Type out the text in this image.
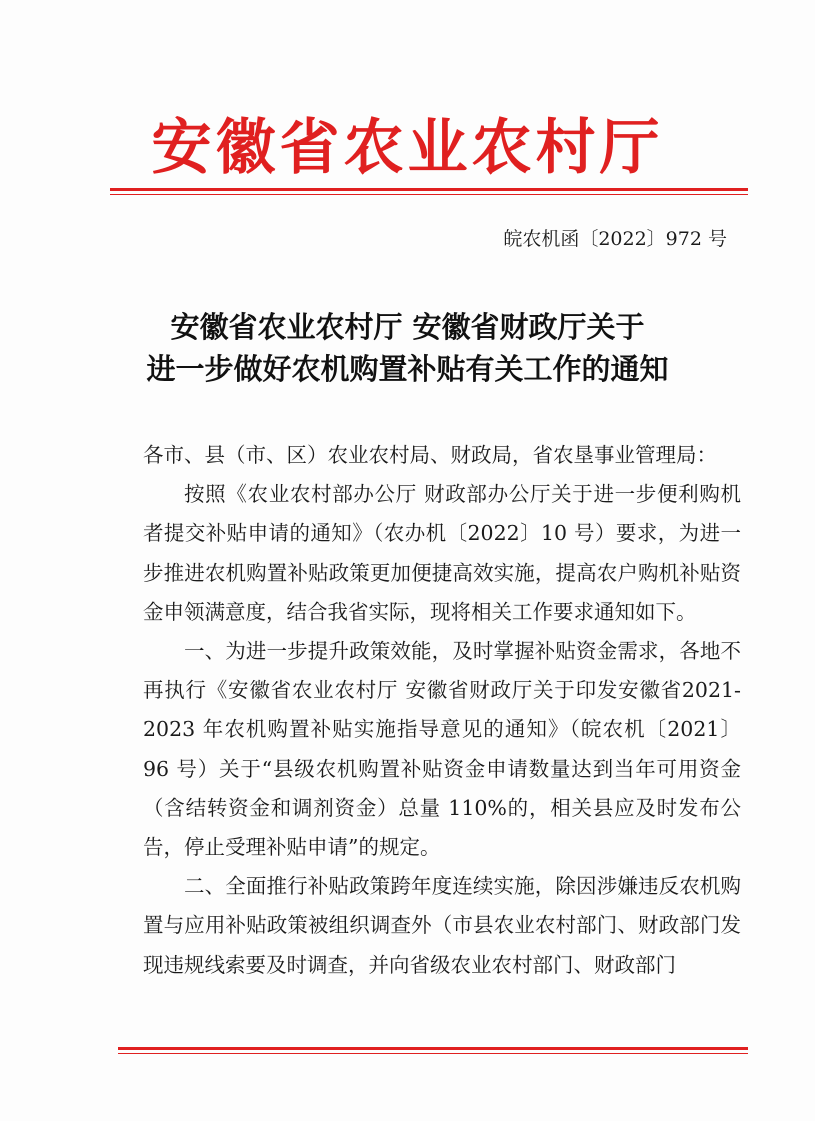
安徽省农业农村厅
皖农机函〔2022〕972 号
安徽省农业农村厅 安徽省财政厅关于
进一步做好农机购置补贴有关工作的通知

各市、县（市、区）农业农村局、财政局，省农垦事业管理局：

按照《农业农村部办公厅 财政部办公厅关于进一步便利购机者提交补贴申请的通知》（农办机〔2022〕10 号）要求，为进一步推进农机购置补贴政策更加便捷高效实施，提高农户购机补贴资金申领满意度，结合我省实际，现将相关工作要求通知如下。

一、为进一步提升政策效能，及时掌握补贴资金需求，各地不再执行《安徽省农业农村厅 安徽省财政厅关于印发安徽省2021-2023 年农机购置补贴实施指导意见的通知》（皖农机〔2021〕96 号）关于“县级农机购置补贴资金申请数量达到当年可用资金（含结转资金和调剂资金）总量 110%的，相关县应及时发布公告，停止受理补贴申请”的规定。

二、全面推行补贴政策跨年度连续实施，除因涉嫌违反农机购置与应用补贴政策被组织调查外（市县农业农村部门、财政部门发现违规线索要及时调查，并向省级农业农村部门、财政部门
